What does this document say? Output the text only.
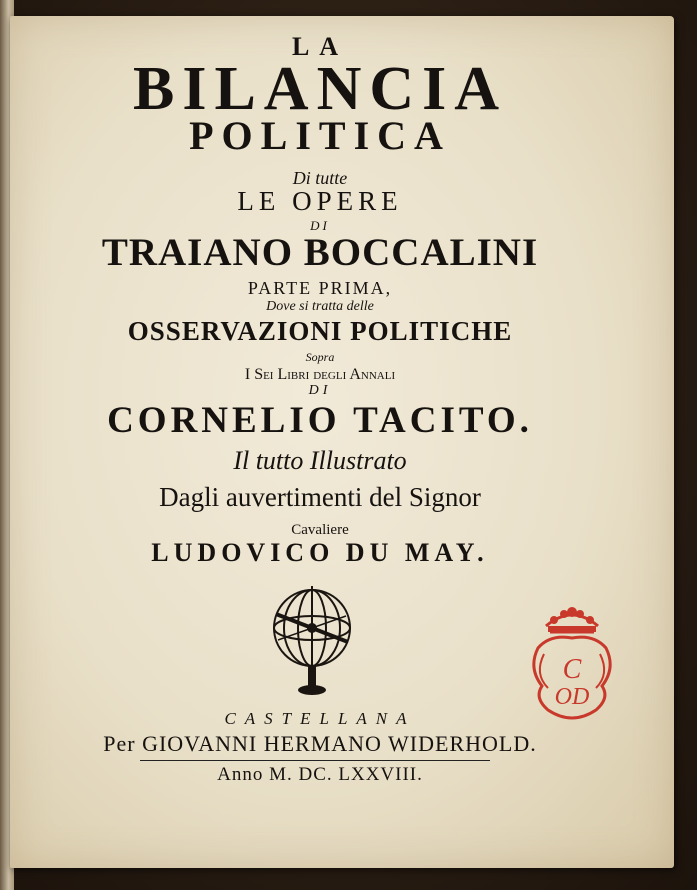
LA
BILANCIA
POLITICA
Di tutte
LE OPERE
DI
TRAIANO BOCCALINI
PARTE PRIMA,
Dove si tratta delle
OSSERVAZIONI POLITICHE
Sopra
I Sei Libri degli Annali
DI
CORNELIO TACITO.
Il tutto Illustrato
Dagli auvertimenti del Signor
Cavaliere
LUDOVICO DU MAY.
CASTELLANA
Per GIOVANNI HERMANO WIDERHOLD.
Anno M. DC. LXXVIII.
C
OD
